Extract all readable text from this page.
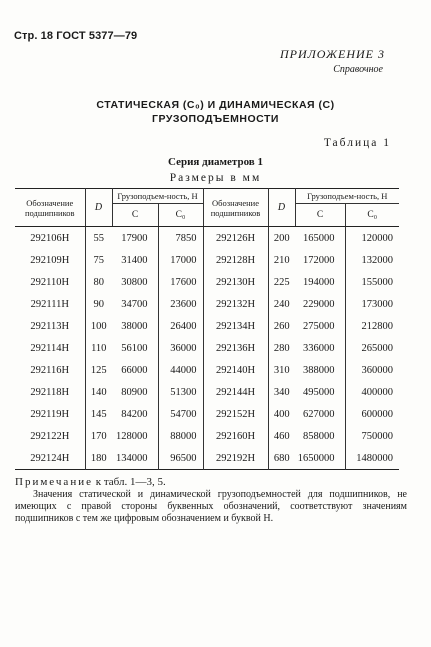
Стр. 18 ГОСТ 5377—79
ПРИЛОЖЕНИЕ 3
Справочное
СТАТИЧЕСКАЯ (C₀) И ДИНАМИЧЕСКАЯ (C)
ГРУЗОПОДЪЕМНОСТИ
Таблица 1
Серия диаметров 1
Размеры в мм
Обозначение подшипников	D	Грузоподъем-ность, Н		Обозначение подшипников	D	Грузоподъем-ность, Н	
		C	C₀			C	C₀
292106Н	55	17900	7850	292126Н	200	165000	120000
292109Н	75	31400	17000	292128Н	210	172000	132000
292110Н	80	30800	17600	292130Н	225	194000	155000
292111Н	90	34700	23600	292132Н	240	229000	173000
292113Н	100	38000	26400	292134Н	260	275000	212800
292114Н	110	56100	36000	292136Н	280	336000	265000
292116Н	125	66000	44000	292140Н	310	388000	360000
292118Н	140	80900	51300	292144Н	340	495000	400000
292119Н	145	84200	54700	292152Н	400	627000	600000
292122Н	170	128000	88000	292160Н	460	858000	750000
292124Н	180	134000	96500	292192Н	680	1650000	1480000
Примечание к табл. 1—3, 5.
Значения статической и динамической грузоподъемностей для подшипников, не имеющих с правой стороны буквенных обозначений, соответствуют значениям подшипников с тем же цифровым обозначением и буквой Н.
